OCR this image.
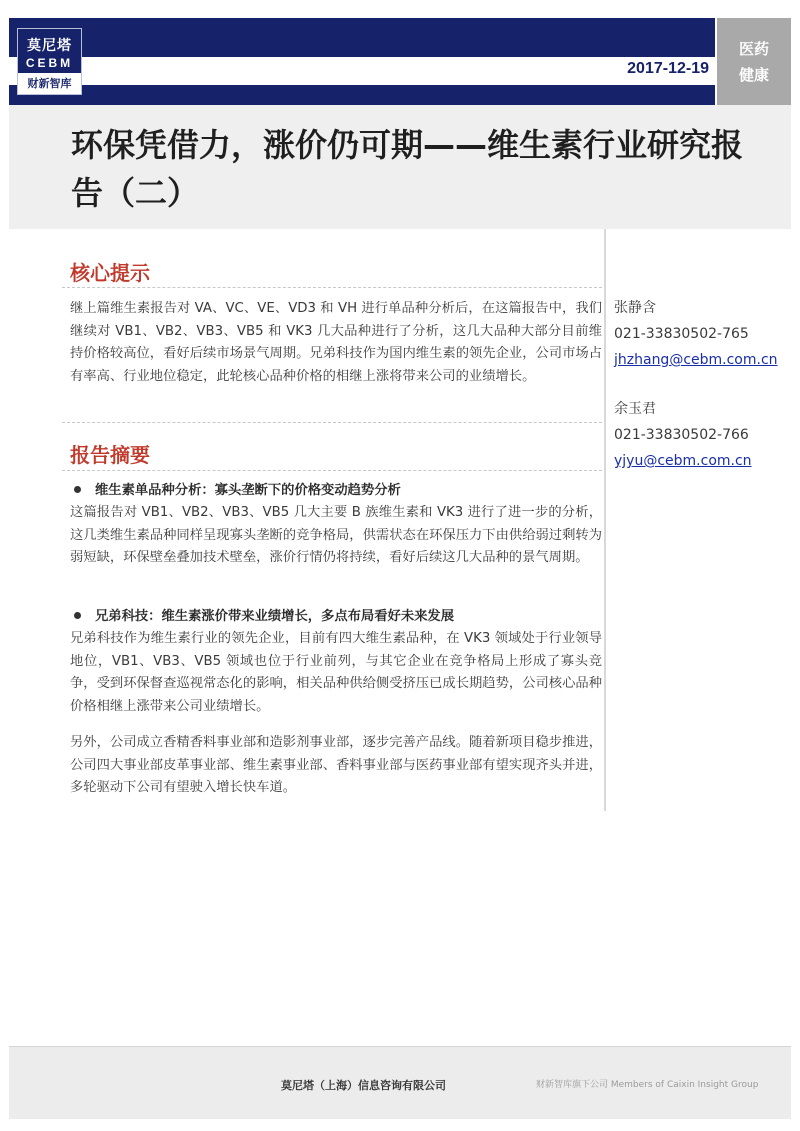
2017-12-19
莫尼塔
CEBM
财新智库
医药
健康
环保凭借力，涨价仍可期——维生素行业研究报告（二）
核心提示
继上篇维生素报告对 VA、VC、VE、VD3 和 VH 进行单品种分析后，在这篇报告中，我们继续对 VB1、VB2、VB3、VB5 和 VK3 几大品种进行了分析，这几大品种大部分目前维持价格较高位，看好后续市场景气周期。兄弟科技作为国内维生素的领先企业，公司市场占有率高、行业地位稳定，此轮核心品种价格的相继上涨将带来公司的业绩增长。
报告摘要
维生素单品种分析：寡头垄断下的价格变动趋势分析
这篇报告对 VB1、VB2、VB3、VB5 几大主要 B 族维生素和 VK3 进行了进一步的分析，这几类维生素品种同样呈现寡头垄断的竞争格局，供需状态在环保压力下由供给弱过剩转为弱短缺，环保壁垒叠加技术壁垒，涨价行情仍将持续，看好后续这几大品种的景气周期。
兄弟科技：维生素涨价带来业绩增长，多点布局看好未来发展
兄弟科技作为维生素行业的领先企业，目前有四大维生素品种，在 VK3 领域处于行业领导地位，VB1、VB3、VB5 领域也位于行业前列，与其它企业在竞争格局上形成了寡头竞争，受到环保督查巡视常态化的影响，相关品种供给侧受挤压已成长期趋势，公司核心品种价格相继上涨带来公司业绩增长。
另外，公司成立香精香料事业部和造影剂事业部，逐步完善产品线。随着新项目稳步推进，公司四大事业部皮革事业部、维生素事业部、香料事业部与医药事业部有望实现齐头并进，多轮驱动下公司有望驶入增长快车道。
张静含
021-33830502-765
jhzhang@cebm.com.cn
余玉君
021-33830502-766
yjyu@cebm.com.cn
莫尼塔（上海）信息咨询有限公司	财新智库旗下公司 Members of Caixin Insight Group
